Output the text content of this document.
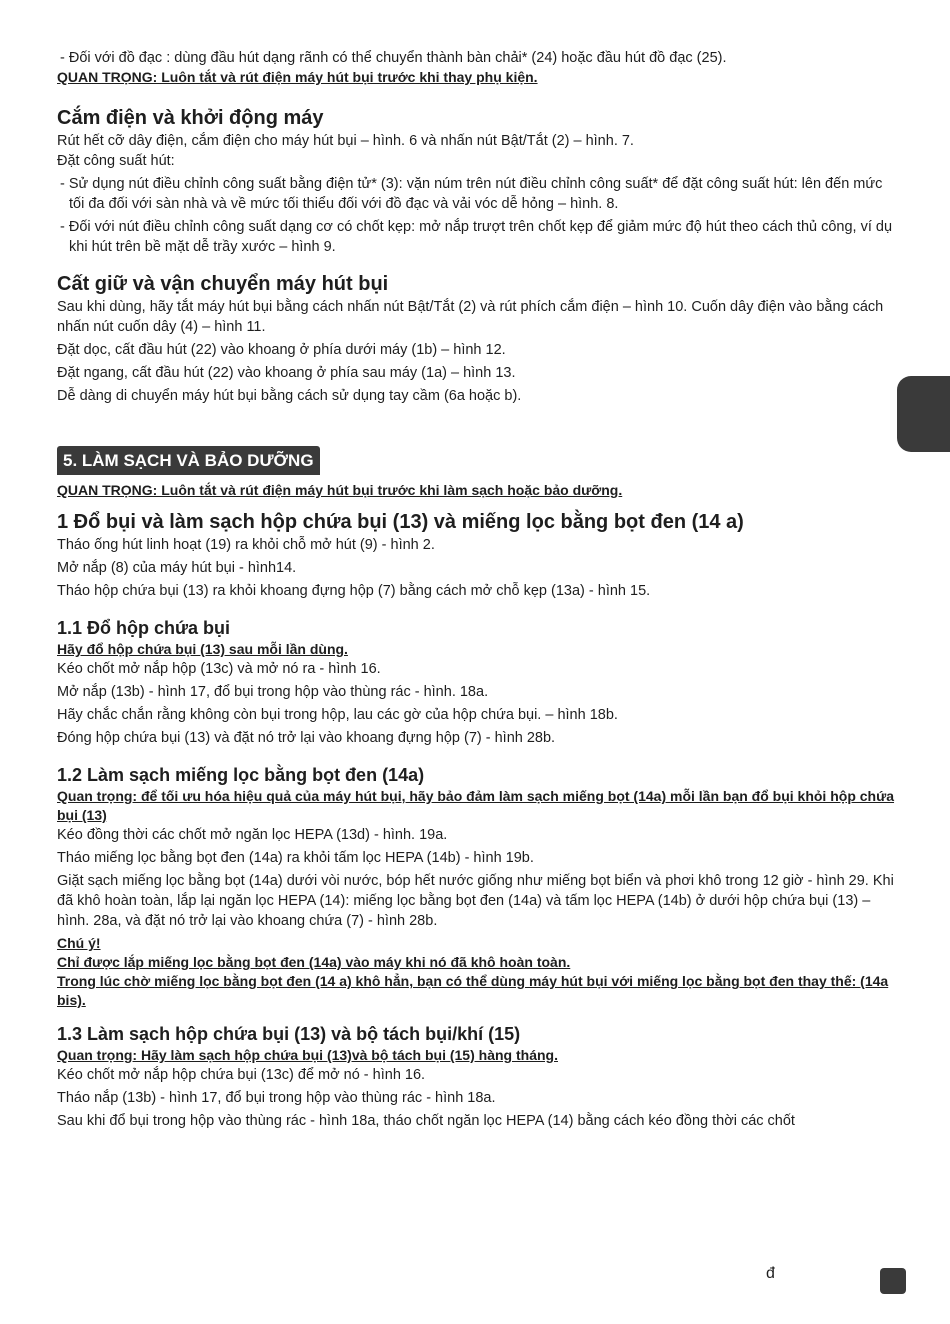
- Đối với đồ đạc : dùng đầu hút dạng rãnh có thể chuyển thành bàn chải* (24) hoặc đầu hút đồ đạc (25).

QUAN TRỌNG: Luôn tắt và rút điện máy hút bụi trước khi thay phụ kiện.

Cắm điện và khởi động máy

Rút hết cỡ dây điện, cắm điện cho máy hút bụi – hình. 6 và nhấn nút Bật/Tắt (2) – hình. 7.

Đặt công suất hút:

- Sử dụng nút điều chỉnh công suất bằng điện tử* (3): vặn núm trên nút điều chỉnh công suất* để đặt công suất hút: lên đến mức tối đa đối với sàn nhà và về mức tối thiểu đối với đồ đạc và vải vóc dễ hỏng – hình. 8.

- Đối với nút điều chỉnh công suất dạng cơ có chốt kẹp: mở nắp trượt trên chốt kẹp để giảm mức độ hút theo cách thủ công, ví dụ khi hút trên bề mặt dễ trầy xước – hình 9.

Cất giữ và vận chuyển máy hút bụi

Sau khi dùng, hãy tắt máy hút bụi bằng cách nhấn nút Bật/Tắt (2) và rút phích cắm điện – hình 10. Cuốn dây điện vào bằng cách nhấn nút cuốn dây (4) – hình 11.

Đặt dọc, cất đầu hút (22) vào khoang ở phía dưới máy (1b) – hình 12.

Đặt ngang, cất đầu hút (22) vào khoang ở phía sau máy (1a) – hình 13.

Dễ dàng di chuyển máy hút bụi bằng cách sử dụng tay cầm (6a hoặc b).

5. LÀM SẠCH VÀ BẢO DƯỠNG

QUAN TRỌNG: Luôn tắt và rút điện máy hút bụi trước khi làm sạch hoặc bảo dưỡng.

1 Đổ bụi và làm sạch hộp chứa bụi (13) và miếng lọc bằng bọt đen (14 a)

Tháo ống hút linh hoạt (19) ra khỏi chỗ mở hút (9) - hình 2.

Mở nắp (8) của máy hút bụi - hình14.

Tháo hộp chứa bụi (13) ra khỏi khoang đựng hộp (7) bằng cách mở chỗ kẹp (13a) - hình 15.

1.1 Đổ hộp chứa bụi

Hãy đổ hộp chứa bụi (13) sau mỗi lần dùng.

Kéo chốt mở nắp hộp (13c) và mở nó ra - hình 16.

Mở nắp (13b) - hình 17, đổ bụi trong hộp vào thùng rác - hình. 18a.

Hãy chắc chắn rằng không còn bụi trong hộp, lau các gờ của hộp chứa bụi. – hình 18b.

Đóng hộp chứa bụi (13) và đặt nó trở lại vào khoang đựng hộp (7) - hình 28b.

1.2 Làm sạch miếng lọc bằng bọt đen (14a)

Quan trọng: để tối ưu hóa hiệu quả của máy hút bụi, hãy bảo đảm làm sạch miếng bọt (14a) mỗi lần bạn đổ bụi khỏi hộp chứa bụi (13)

Kéo đồng thời các chốt mở ngăn lọc HEPA (13d) - hình. 19a.

Tháo miếng lọc bằng bọt đen (14a) ra khỏi tấm lọc HEPA (14b) - hình 19b.

Giặt sạch miếng lọc bằng bọt (14a) dưới vòi nước, bóp hết nước giống như miếng bọt biển và phơi khô trong 12 giờ - hình 29. Khi đã khô hoàn toàn, lắp lại ngăn lọc HEPA (14): miếng lọc bằng bọt đen (14a) và tấm lọc HEPA (14b) ở dưới hộp chứa bụi (13) – hình. 28a, và đặt nó trở lại vào khoang chứa (7) - hình 28b.

Chú ý!

Chỉ được lắp miếng lọc bằng bọt đen (14a) vào máy khi nó đã khô hoàn toàn.

Trong lúc chờ miếng lọc bằng bọt đen (14 a) khô hẳn, bạn có thể dùng máy hút bụi với miếng lọc bằng bọt đen thay thế: (14a bis).

1.3 Làm sạch hộp chứa bụi (13) và bộ tách bụi/khí (15)

Quan trọng: Hãy làm sạch hộp chứa bụi (13)và bộ tách bụi (15) hàng tháng.

Kéo chốt mở nắp hộp chứa bụi (13c) để mở nó - hình 16.

Tháo nắp (13b) - hình 17, đổ bụi trong hộp vào thùng rác - hình 18a.

Sau khi đổ bụi trong hộp vào thùng rác - hình 18a, tháo chốt ngăn lọc HEPA (14) bằng cách kéo đồng thời các chốt

đ
